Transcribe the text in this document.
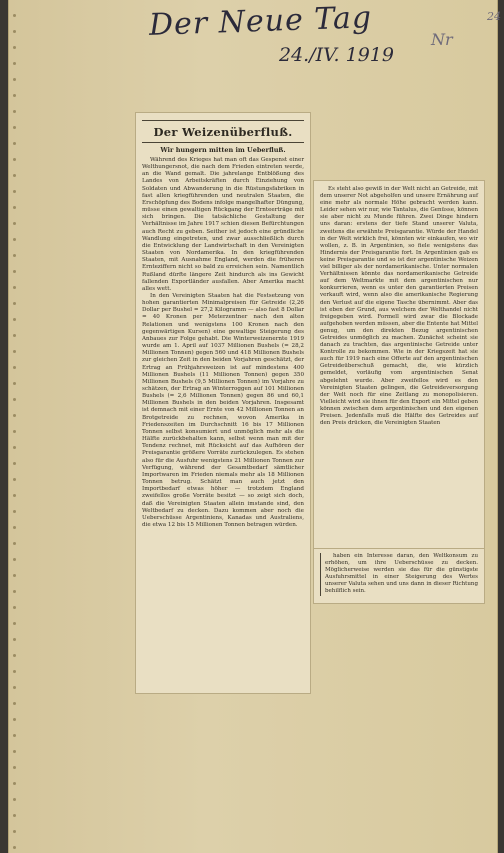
Der Neue Tag
24./IV. 1919
Nr
24
Der Weizenüberfluß.
Wir hungern mitten im Ueberfluß.

Während des Krieges hat man oft das Gespenst einer Welthungersnot, die nach dem Frieden eintreten werde, an die Wand gemalt. Die jahrelange Entblößung des Landes von Arbeitskräften durch Einziehung von Soldaten und Abwanderung in die Rüstungsfabriken in fast allen kriegführenden und neutralen Staaten, die Erschöpfung des Bodens infolge mangelhafter Düngung, müsse einen gewaltigen Rückgang der Ernteerträge mit sich bringen. Die tatsächliche Gestaltung der Verhältnisse im Jahre 1917 schien diesen Befürchtungen auch Recht zu geben. Seither ist jedoch eine gründliche Wandlung eingetreten, und zwar ausschließlich durch die Entwicklung der Landwirtschaft in den Vereinigten Staaten von Nordamerika. In den kriegführenden Staaten, mit Ausnahme England, werden die früheren Ernteziffern nicht so bald zu erreichen sein. Namentlich Rußland dürfte längere Zeit hindurch als ins Gewicht fallenden Exportländer ausfallen. Aber Amerika macht alles wett.

In den Vereinigten Staaten hat die Festsetzung von hohen garantierten Minimalpreisen für Getreide (2,26 Dollar per Bushel = 27,2 Kilogramm — also fast 8 Dollar = 40 Kronen per Meterzentner nach den alten Relationen und wenigstens 100 Kronen nach den gegenwärtigen Kursen) eine gewaltige Steigerung des Anbaues zur Folge gehabt. Die Winterweizenernte 1919 wurde am 1. April auf 1037 Millionen Bushels (= 28,2 Millionen Tonnen) gegen 560 und 418 Millionen Bushels zur gleichen Zeit in den beiden Vorjahren geschätzt, der Ertrag an Frühjahrsweizen ist auf mindestens 400 Millionen Bushels (11 Millionen Tonnen) gegen 350 Millionen Bushels (9,5 Millionen Tonnen) im Vorjahre zu schätzen, der Ertrag an Winterroggen auf 101 Millionen Bushels (= 2,6 Millionen Tonnen) gegen 86 und 60,1 Millionen Bushels in den beiden Vorjahren. Insgesamt ist demnach mit einer Ernte von 42 Millionen Tonnen an Brotgetreide zu rechnen, wovon Amerika in Friedenszeiten im Durchschnitt 16 bis 17 Millionen Tonnen selbst konsumiert und unmöglich mehr als die Hälfte zurückbehalten kann, selbst wenn man mit der Tendenz rechnet, mit Rücksicht auf das Aufhören der Preisgarantie größere Vorräte zurückzulegen. Es stehen also für die Ausfuhr wenigstens 21 Millionen Tonnen zur Verfügung, während der Gesamtbedarf sämtlicher Importwaren im Frieden niemals mehr als 18 Millionen Tonnen betrug. Schätzt man auch jetzt den Importbedarf etwas höher — trotzdem England zweifellos große Vorräte besitzt — so zeigt sich doch, daß die Vereinigten Staaten allein imstande sind, den Weltbedarf zu decken. Dazu kommen aber noch die Ueberschüsse Argentiniens, Kanadas und Australiens, die etwa 12 bis 15 Millionen Tonnen betragen würden.

Es steht also gewiß in der Welt nicht an Getreide, mit dem unserer Not abgeholfen und unsere Ernährung auf eine mehr als normale Höhe gebracht werden kann. Leider sehen wir nur, wie Tantalus, die Genüsse, können sie aber nicht zu Munde führen. Zwei Dinge hindern uns daran: erstens der tiefe Stand unserer Valuta, zweitens die erwähnte Preisgarantie. Würde der Handel in der Welt wirklich frei, könnten wir einkaufen, wo wir wollen, z. B. in Argentinien, so fiele wenigstens das Hindernis der Preisgarantie fort. In Argentinien gab es keine Preisgarantie und so ist der argentinische Weizen viel billiger als der nordamerikanische. Unter normalen Verhältnissen könnte das nordamerikanische Getreide auf dem Weltmarkte mit dem argentinischen nur konkurrieren, wenn es unter den garantierten Preisen verkauft wird, wenn also die amerikanische Regierung den Verlust auf die eigene Tasche übernimmt. Aber das ist eben der Grund, aus welchem der Welthandel nicht freigegeben wird. Formell wird zwar die Blockade aufgehoben werden müssen, aber die Entente hat Mittel genug, um den direkten Bezug argentinischen Getreides unmöglich zu machen. Zunächst scheint sie danach zu trachten, das argentinische Getreide unter Kontrolle zu bekommen. Wie in der Kriegszeit hat sie auch für 1919 nach eine Offerte auf den argentinischen Getreideüberschuß gemacht, die, wie kürzlich gemeldet, vorläufig vom argentinischen Senat abgelehnt wurde. Aber zweifellos wird es den Vereinigten Staaten gelingen, die Getreideversorgung der Welt noch für eine Zeitlang zu monopolisieren. Vielleicht wird sie ihnen für den Export ein Mittel geben können zwischen dem argentinischen und den eigenen Preisen. Jedenfalls muß die Hälfte des Getreides auf den Preis drücken, die Vereinigten Staaten

haben ein Interesse daran, den Weltkonsum zu erhöhen, um ihre Ueberschüsse zu decken. Möglicherweise werden sie das für die günstigste Ausfuhrsmittel in einer Steigerung des Wertes unserer Valuta sehen und uns dann in dieser Richtung behilflich sein.
